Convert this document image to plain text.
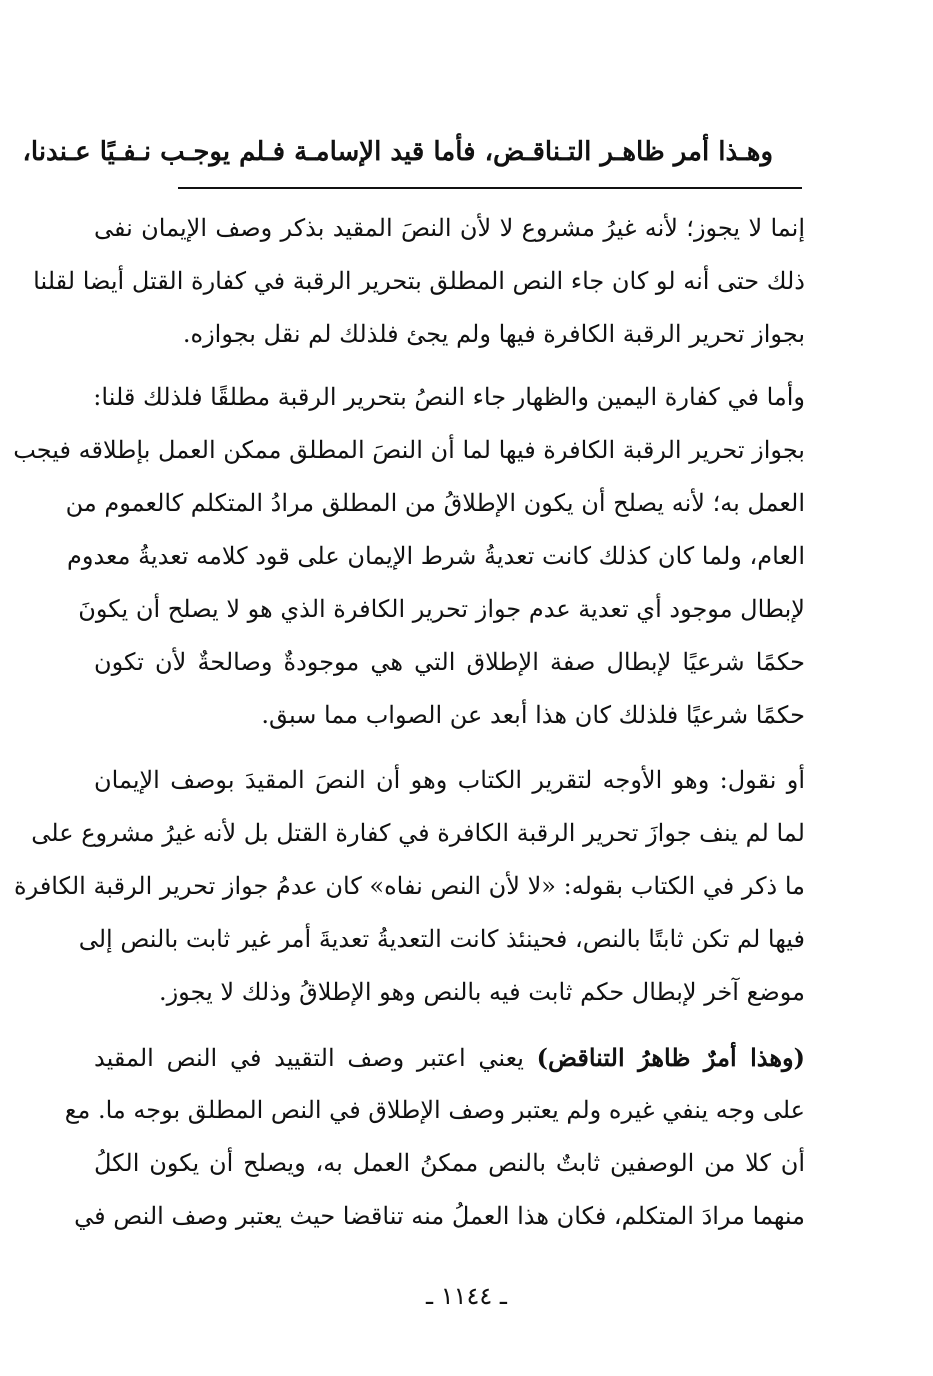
وهـذا أمر ظاهـر التـناقـض، فأما قيد الإسامـة فـلم يوجـب نـفـيًا عـندنا،
إنما لا يجوز؛ لأنه غيرُ مشروع لا لأن النصَ المقيد بذكر وصف الإيمان نفى
ذلك حتى أنه لو كان جاء النص المطلق بتحرير الرقبة في كفارة القتل أيضا لقلنا
بجواز تحرير الرقبة الكافرة فيها ولم يجئ فلذلك لم نقل بجوازه.
وأما في كفارة اليمين والظهار جاء النصُ بتحرير الرقبة مطلقًا فلذلك قلنا:
بجواز تحرير الرقبة الكافرة فيها لما أن النصَ المطلق ممكن العمل بإطلاقه فيجب
العمل به؛ لأنه يصلح أن يكون الإطلاقُ من المطلق مرادُ المتكلم كالعموم من
العام، ولما كان كذلك كانت تعديةُ شرط الإيمان على قود كلامه تعديةُ معدوم
لإبطال موجود أي تعدية عدم جواز تحرير الكافرة الذي هو لا يصلح أن يكونَ
حكمًا شرعيًا لإبطال صفة الإطلاق التي هي موجودةٌ وصالحةٌ لأن تكون
حكمًا شرعيًا فلذلك كان هذا أبعد عن الصواب مما سبق.
أو نقول: وهو الأوجه لتقرير الكتاب وهو أن النصَ المقيدَ بوصف الإيمان
لما لم ينف جوازَ تحرير الرقبة الكافرة في كفارة القتل بل لأنه غيرُ مشروع على
ما ذكر في الكتاب بقوله: «لا لأن النص نفاه» كان عدمُ جواز تحرير الرقبة الكافرة
فيها لم تكن ثابتًا بالنص، فحينئذ كانت التعديةُ تعديةَ أمر غير ثابت بالنص إلى
موضع آخر لإبطال حكم ثابت فيه بالنص وهو الإطلاقُ وذلك لا يجوز.
(وهذا أمرٌ ظاهرُ التناقض) يعني اعتبر وصف التقييد في النص المقيد
على وجه ينفي غيره ولم يعتبر وصف الإطلاق في النص المطلق بوجه ما. مع
أن كلا من الوصفين ثابتٌ بالنص ممكنُ العمل به، ويصلح أن يكون الكلُ
منهما مرادَ المتكلم، فكان هذا العملُ منه تناقضا حيث يعتبر وصف النص في
ـ ١١٤٤ ـ
